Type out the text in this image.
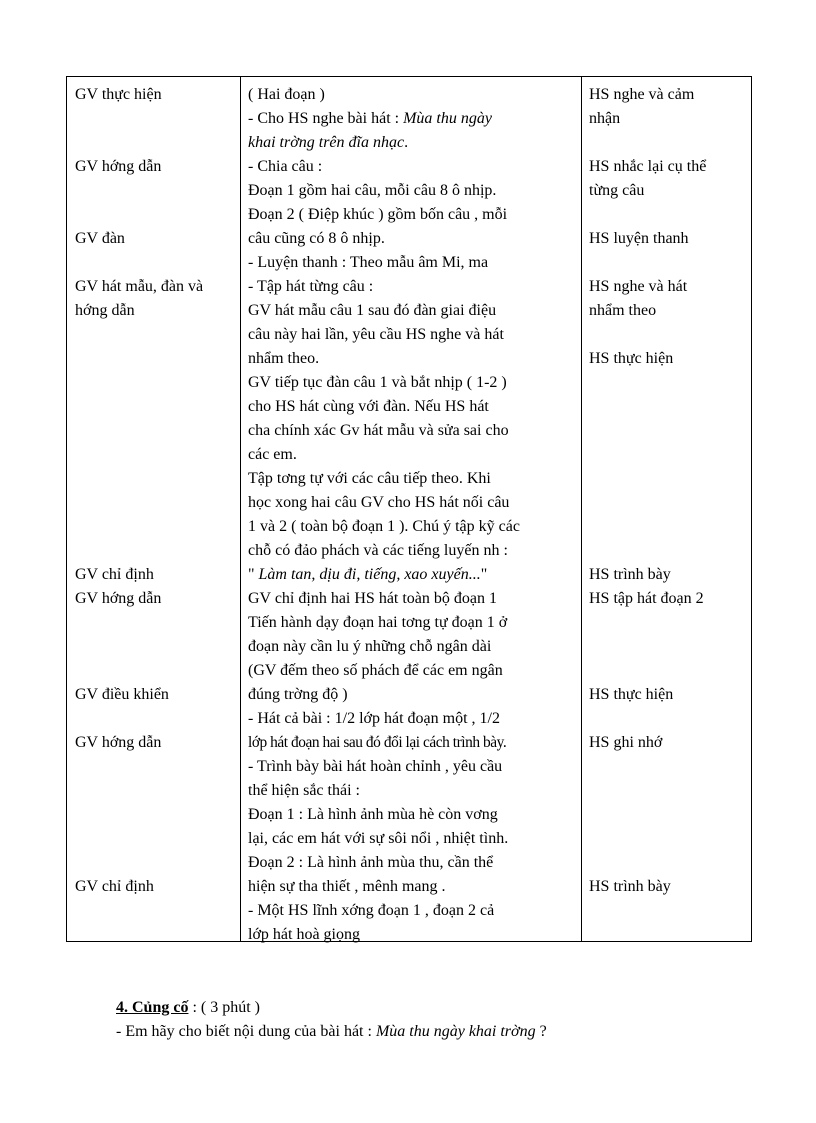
GV thực hiện
GV hớng dẫn
GV đàn
GV hát mẫu, đàn và
hớng dẫn
GV chỉ định
GV hớng dẫn
GV điều khiển
GV hớng dẫn
GV chỉ định
( Hai đoạn )
- Cho HS nghe bài hát : Mùa thu ngày
khai trờng trên đĩa nhạc.
- Chia câu :
Đoạn 1 gồm hai câu, mỗi câu 8 ô nhịp.
Đoạn 2 ( Điệp khúc ) gồm bốn câu , mỗi
câu cũng có 8 ô nhịp.
- Luyện thanh : Theo mẫu âm Mi, ma
- Tập hát từng câu :
GV hát mẫu câu 1 sau đó đàn giai điệu
câu này hai lần, yêu cầu HS nghe và hát
nhẩm theo.
GV tiếp tục đàn câu 1 và bắt nhịp ( 1-2 )
cho HS hát cùng với đàn. Nếu HS hát
cha chính xác Gv hát mẫu và sửa sai cho
các em.
Tập tơng tự với các câu tiếp theo. Khi
học xong hai câu GV cho HS hát nối câu
1 và 2 ( toàn bộ đoạn 1 ). Chú ý tập kỹ các
chỗ có đảo phách và các tiếng luyến nh :
" Làm tan, dịu đi, tiếng, xao xuyến..."
GV chỉ định hai HS hát toàn bộ đoạn 1
Tiến hành dạy đoạn hai tơng tự đoạn 1 ở
đoạn này cần lu ý những chỗ ngân dài
(GV đếm theo số phách để các em ngân
đúng trờng độ )
- Hát cả bài : 1/2 lớp hát đoạn một , 1/2
lớp hát đoạn hai sau đó đổi lại cách trình bày.
- Trình bày bài hát hoàn chỉnh , yêu cầu
thể hiện sắc thái :
Đoạn 1 : Là hình ảnh mùa hè còn vơng
lại, các em hát với sự sôi nổi , nhiệt tình.
Đoạn 2 : Là hình ảnh mùa thu, cần thể
hiện sự tha thiết , mênh mang .
- Một HS lĩnh xớng đoạn 1 , đoạn 2 cả
lớp hát hoà giọng
HS nghe và cảm
nhận
HS nhắc lại cụ thể
từng câu
HS luyện thanh
HS nghe và hát
nhẩm theo
HS thực hiện
HS trình bày
HS tập hát đoạn 2
HS thực hiện
HS ghi nhớ
HS trình bày
4. Củng cố : ( 3 phút )
- Em hãy cho biết nội dung của bài hát : Mùa thu ngày khai trờng ?
